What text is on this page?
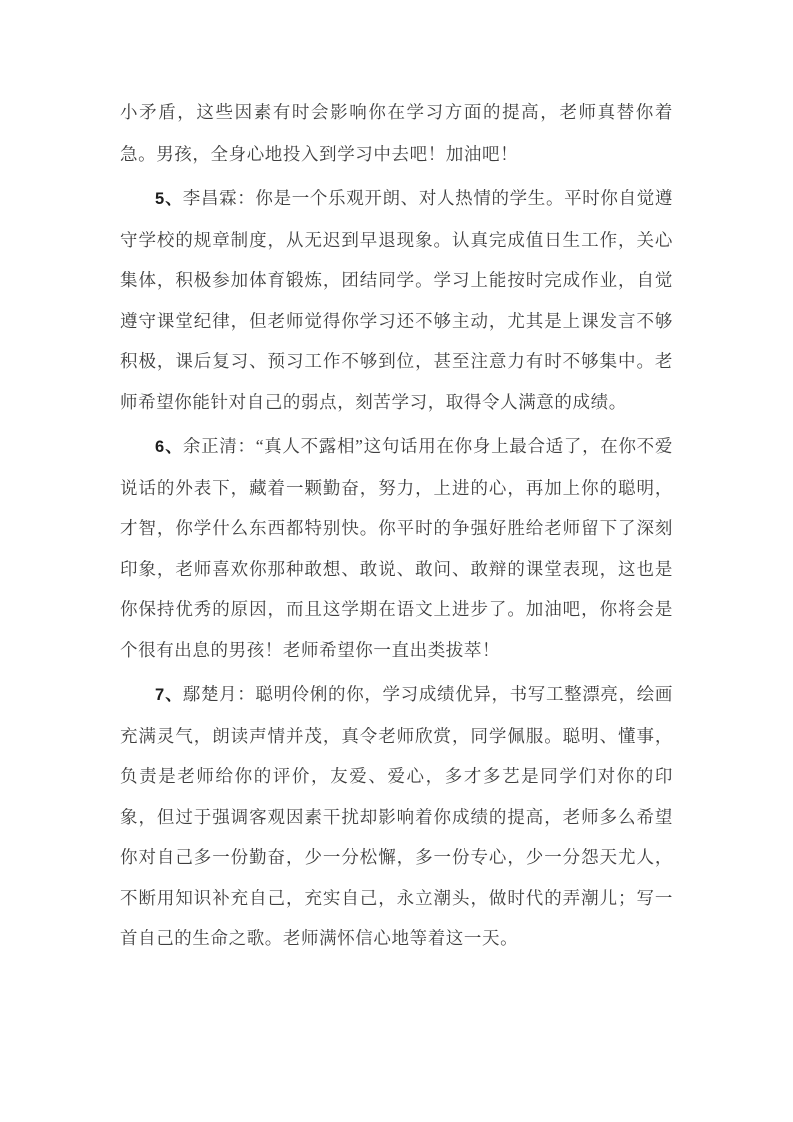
小矛盾，这些因素有时会影响你在学习方面的提高，老师真替你着急。男孩，全身心地投入到学习中去吧！加油吧！

5、李昌霖：你是一个乐观开朗、对人热情的学生。平时你自觉遵守学校的规章制度，从无迟到早退现象。认真完成值日生工作，关心集体，积极参加体育锻炼，团结同学。学习上能按时完成作业，自觉遵守课堂纪律，但老师觉得你学习还不够主动，尤其是上课发言不够积极，课后复习、预习工作不够到位，甚至注意力有时不够集中。老师希望你能针对自己的弱点，刻苦学习，取得令人满意的成绩。

6、余正清：“真人不露相”这句话用在你身上最合适了，在你不爱说话的外表下，藏着一颗勤奋，努力，上进的心，再加上你的聪明，才智，你学什么东西都特别快。你平时的争强好胜给老师留下了深刻印象，老师喜欢你那种敢想、敢说、敢问、敢辩的课堂表现，这也是你保持优秀的原因，而且这学期在语文上进步了。加油吧，你将会是个很有出息的男孩！老师希望你一直出类拔萃！

7、鄢楚月：聪明伶俐的你，学习成绩优异，书写工整漂亮，绘画充满灵气，朗读声情并茂，真令老师欣赏，同学佩服。聪明、懂事，负责是老师给你的评价，友爱、爱心，多才多艺是同学们对你的印象，但过于强调客观因素干扰却影响着你成绩的提高，老师多么希望你对自己多一份勤奋，少一分松懈，多一份专心，少一分怨天尤人，不断用知识补充自己，充实自己，永立潮头，做时代的弄潮儿；写一首自己的生命之歌。老师满怀信心地等着这一天。
